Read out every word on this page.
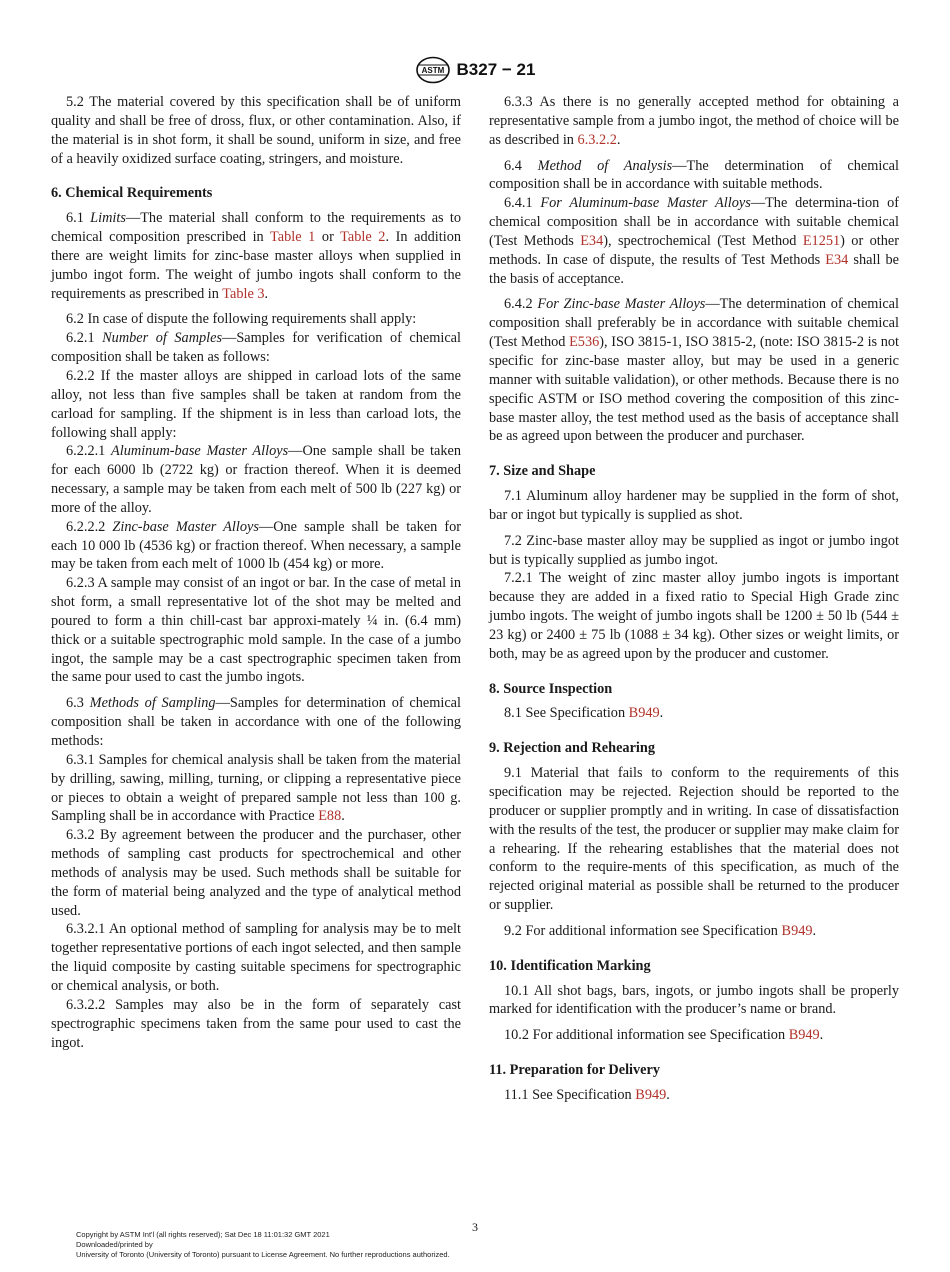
ASTM B327 − 21

5.2 The material covered by this specification shall be of uniform quality and shall be free of dross, flux, or other contamination. Also, if the material is in shot form, it shall be sound, uniform in size, and free of a heavily oxidized surface coating, stringers, and moisture.

6. Chemical Requirements

6.1 Limits—The material shall conform to the requirements as to chemical composition prescribed in Table 1 or Table 2. In addition there are weight limits for zinc-base master alloys when supplied in jumbo ingot form. The weight of jumbo ingots shall conform to the requirements as prescribed in Table 3.

6.2 In case of dispute the following requirements shall apply:

6.2.1 Number of Samples—Samples for verification of chemical composition shall be taken as follows:

6.2.2 If the master alloys are shipped in carload lots of the same alloy, not less than five samples shall be taken at random from the carload for sampling. If the shipment is in less than carload lots, the following shall apply:

6.2.2.1 Aluminum-base Master Alloys—One sample shall be taken for each 6000 lb (2722 kg) or fraction thereof. When it is deemed necessary, a sample may be taken from each melt of 500 lb (227 kg) or more of the alloy.

6.2.2.2 Zinc-base Master Alloys—One sample shall be taken for each 10 000 lb (4536 kg) or fraction thereof. When necessary, a sample may be taken from each melt of 1000 lb (454 kg) or more.

6.2.3 A sample may consist of an ingot or bar. In the case of metal in shot form, a small representative lot of the shot may be melted and poured to form a thin chill-cast bar approxi-mately ¼ in. (6.4 mm) thick or a suitable spectrographic mold sample. In the case of a jumbo ingot, the sample may be a cast spectrographic specimen taken from the same pour used to cast the jumbo ingots.

6.3 Methods of Sampling—Samples for determination of chemical composition shall be taken in accordance with one of the following methods:

6.3.1 Samples for chemical analysis shall be taken from the material by drilling, sawing, milling, turning, or clipping a representative piece or pieces to obtain a weight of prepared sample not less than 100 g. Sampling shall be in accordance with Practice E88.

6.3.2 By agreement between the producer and the purchaser, other methods of sampling cast products for spectrochemical and other methods of analysis may be used. Such methods shall be suitable for the form of material being analyzed and the type of analytical method used.

6.3.2.1 An optional method of sampling for analysis may be to melt together representative portions of each ingot selected, and then sample the liquid composite by casting suitable specimens for spectrographic or chemical analysis, or both.

6.3.2.2 Samples may also be in the form of separately cast spectrographic specimens taken from the same pour used to cast the ingot.

6.3.3 As there is no generally accepted method for obtaining a representative sample from a jumbo ingot, the method of choice will be as described in 6.3.2.2.

6.4 Method of Analysis—The determination of chemical composition shall be in accordance with suitable methods.

6.4.1 For Aluminum-base Master Alloys—The determina-tion of chemical composition shall be in accordance with suitable chemical (Test Methods E34), spectrochemical (Test Method E1251) or other methods. In case of dispute, the results of Test Methods E34 shall be the basis of acceptance.

6.4.2 For Zinc-base Master Alloys—The determination of chemical composition shall preferably be in accordance with suitable chemical (Test Method E536), ISO 3815-1, ISO 3815-2, (note: ISO 3815-2 is not specific for zinc-base master alloy, but may be used in a generic manner with suitable validation), or other methods. Because there is no specific ASTM or ISO method covering the composition of this zinc-base master alloy, the test method used as the basis of acceptance shall be as agreed upon between the producer and purchaser.

7. Size and Shape

7.1 Aluminum alloy hardener may be supplied in the form of shot, bar or ingot but typically is supplied as shot.

7.2 Zinc-base master alloy may be supplied as ingot or jumbo ingot but is typically supplied as jumbo ingot.

7.2.1 The weight of zinc master alloy jumbo ingots is important because they are added in a fixed ratio to Special High Grade zinc jumbo ingots. The weight of jumbo ingots shall be 1200 ± 50 lb (544 ± 23 kg) or 2400 ± 75 lb (1088 ± 34 kg). Other sizes or weight limits, or both, may be as agreed upon by the producer and customer.

8. Source Inspection

8.1 See Specification B949.

9. Rejection and Rehearing

9.1 Material that fails to conform to the requirements of this specification may be rejected. Rejection should be reported to the producer or supplier promptly and in writing. In case of dissatisfaction with the results of the test, the producer or supplier may make claim for a rehearing. If the rehearing establishes that the material does not conform to the require-ments of this specification, as much of the rejected original material as possible shall be returned to the producer or supplier.

9.2 For additional information see Specification B949.

10. Identification Marking

10.1 All shot bags, bars, ingots, or jumbo ingots shall be properly marked for identification with the producer’s name or brand.

10.2 For additional information see Specification B949.

11. Preparation for Delivery

11.1 See Specification B949.

3
Copyright by ASTM Int'l (all rights reserved); Sat Dec 18 11:01:32 GMT 2021
Downloaded/printed by
University of Toronto (University of Toronto) pursuant to License Agreement. No further reproductions authorized.
